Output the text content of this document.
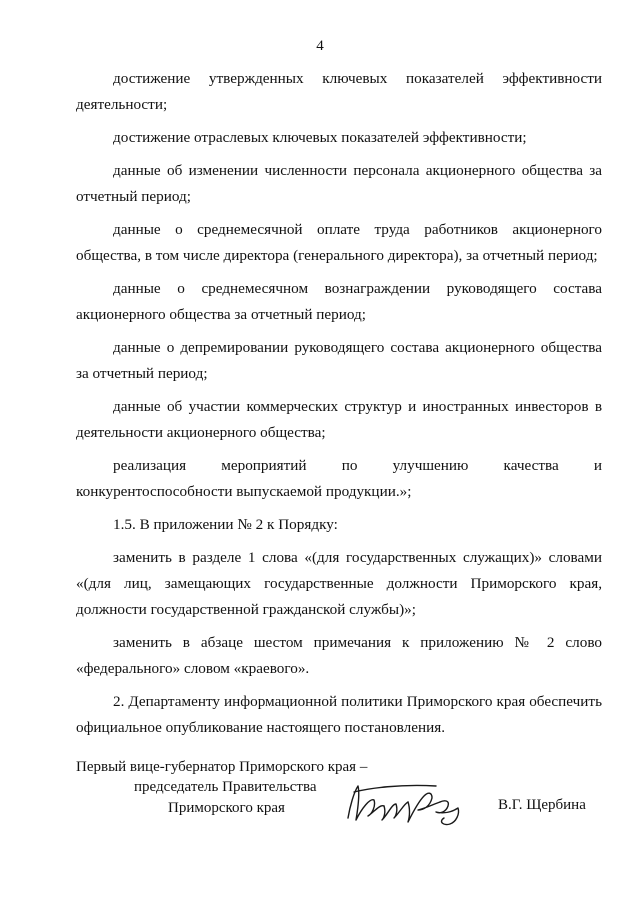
4

достижение утвержденных ключевых показателей эффективности деятельности;

достижение отраслевых ключевых показателей эффективности;

данные об изменении численности персонала акционерного общества за отчетный период;

данные о среднемесячной оплате труда работников акционерного общества, в том числе директора (генерального директора), за отчетный период;

данные о среднемесячном вознаграждении руководящего состава акционерного общества за отчетный период;

данные о депремировании руководящего состава акционерного общества за отчетный период;

данные об участии коммерческих структур и иностранных инвесторов в деятельности акционерного общества;

реализация мероприятий по улучшению качества и конкурентоспособности выпускаемой продукции.»;

1.5. В приложении № 2 к Порядку:

заменить в разделе 1 слова «(для государственных служащих)» словами «(для лиц, замещающих государственные должности Приморского края, должности государственной гражданской службы)»;

заменить в абзаце шестом примечания к приложению № 2 слово «федерального» словом «краевого».

2. Департаменту информационной политики Приморского края обеспечить официальное опубликование настоящего постановления.

Первый вице-губернатор Приморского края –
председатель Правительства
Приморского края	В.Г. Щербина
